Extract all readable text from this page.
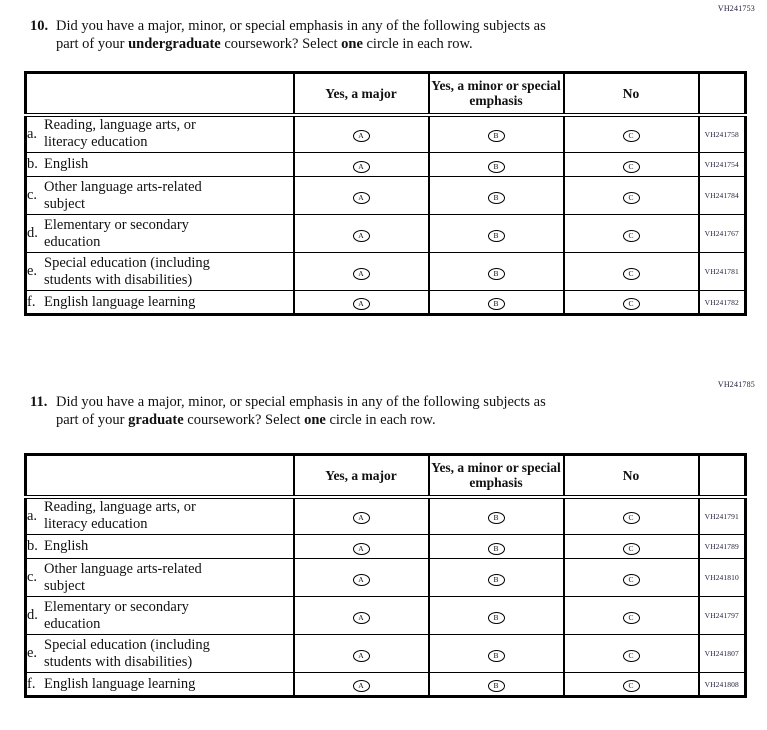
VH241753
10. Did you have a major, minor, or special emphasis in any of the following subjects as
part of your undergraduate coursework? Select one circle in each row.
	Yes, a major	Yes, a minor or special emphasis	No	

a.
Reading, language arts, or literacy education	A	B	C	VH241758

b. English	A	B	C	VH241754

c.
Other language arts-related subject	A	B	C	VH241784

d.
Elementary or secondary education	A	B	C	VH241767

e.
Special education (including students with disabilities)	A	B	C	VH241781

f. English language learning	A	B	C	VH241782
VH241785
11. Did you have a major, minor, or special emphasis in any of the following subjects as
part of your graduate coursework? Select one circle in each row.
	Yes, a major	Yes, a minor or special emphasis	No	

a.
Reading, language arts, or literacy education	A	B	C	VH241791

b. English	A	B	C	VH241789

c.
Other language arts-related subject	A	B	C	VH241810

d.
Elementary or secondary education	A	B	C	VH241797

e.
Special education (including students with disabilities)	A	B	C	VH241807

f. English language learning	A	B	C	VH241808
